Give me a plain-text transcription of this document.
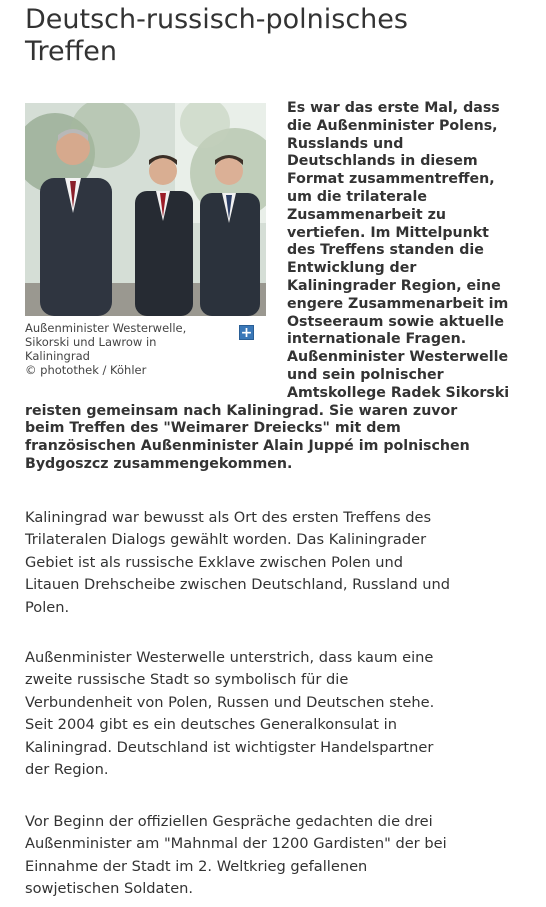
Deutsch-russisch-polnisches
Treffen
Außenminister Westerwelle,
Sikorski und Lawrow in
Kaliningrad
© photothek / Köhler
+
Es war das erste Mal, dass
die Außenminister Polens,
Russlands und
Deutschlands in diesem
Format zusammentreffen,
um die trilaterale
Zusammenarbeit zu
vertiefen. Im Mittelpunkt
des Treffens standen die
Entwicklung der
Kaliningrader Region, eine
engere Zusammenarbeit im
Ostseeraum sowie aktuelle
internationale Fragen.
Außenminister Westerwelle
und sein polnischer
Amtskollege Radek Sikorski
reisten gemeinsam nach Kaliningrad. Sie waren zuvor
beim Treffen des "Weimarer Dreiecks" mit dem
französischen Außenminister Alain Juppé im polnischen
Bydgoszcz zusammengekommen.
Kaliningrad war bewusst als Ort des ersten Treffens des
Trilateralen Dialogs gewählt worden. Das Kaliningrader
Gebiet ist als russische Exklave zwischen Polen und
Litauen Drehscheibe zwischen Deutschland, Russland und
Polen.
Außenminister Westerwelle unterstrich, dass kaum eine
zweite russische Stadt so symbolisch für die
Verbundenheit von Polen, Russen und Deutschen stehe.
Seit 2004 gibt es ein deutsches Generalkonsulat in
Kaliningrad. Deutschland ist wichtigster Handelspartner
der Region.
Vor Beginn der offiziellen Gespräche gedachten die drei
Außenminister am "Mahnmal der 1200 Gardisten" der bei
Einnahme der Stadt im 2. Weltkrieg gefallenen
sowjetischen Soldaten.
